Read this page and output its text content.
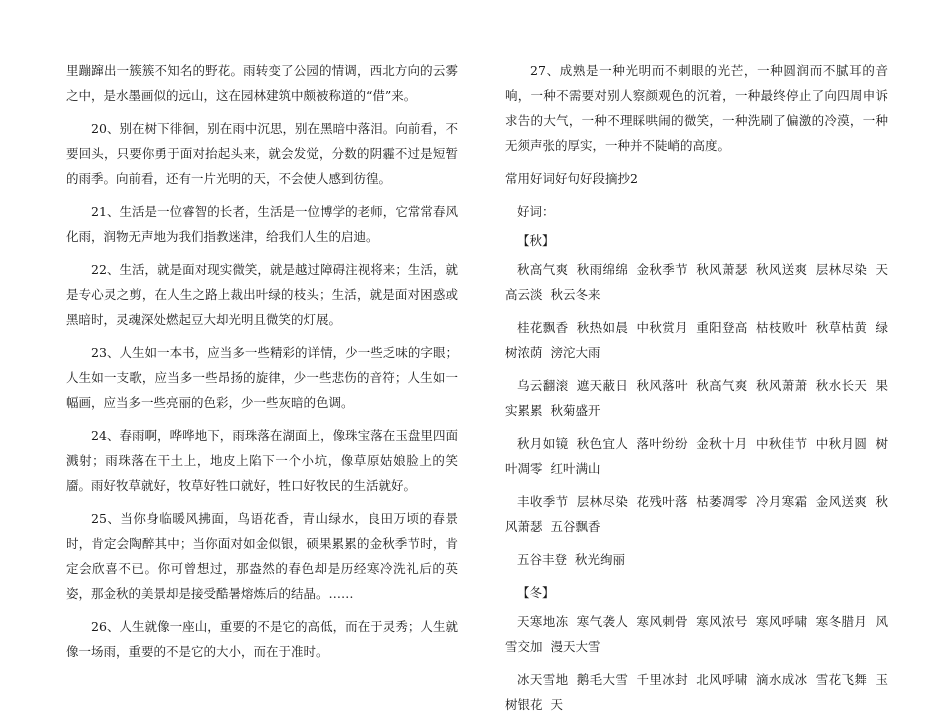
里蹦蹿出一簇簇不知名的野花。雨转变了公园的情调，西北方向的云雾之中，是水墨画似的远山，这在园林建筑中颇被称道的“借”来。

20、别在树下徘徊，别在雨中沉思，别在黑暗中落泪。向前看，不要回头，只要你勇于面对抬起头来，就会发觉，分数的阴霾不过是短暂的雨季。向前看，还有一片光明的天，不会使人感到彷徨。

21、生活是一位睿智的长者，生活是一位博学的老师，它常常春风化雨，润物无声地为我们指教迷津，给我们人生的启迪。

22、生活，就是面对现实微笑，就是越过障碍注视将来；生活，就是专心灵之剪，在人生之路上裁出叶绿的枝头；生活，就是面对困惑或黑暗时，灵魂深处燃起豆大却光明且微笑的灯展。

23、人生如一本书，应当多一些精彩的详情，少一些乏味的字眼；人生如一支歌，应当多一些昂扬的旋律，少一些悲伤的音符；人生如一幅画，应当多一些亮丽的色彩，少一些灰暗的色调。

24、春雨啊，哗哗地下，雨珠落在湖面上，像珠宝落在玉盘里四面溅射；雨珠落在干土上，地皮上陷下一个小坑，像草原姑娘脸上的笑靥。雨好牧草就好，牧草好牲口就好，牲口好牧民的生活就好。

25、当你身临暖风拂面，鸟语花香，青山绿水，良田万顷的春景时，肯定会陶醉其中；当你面对如金似银，硕果累累的金秋季节时，肯定会欣喜不已。你可曾想过，那盎然的春色却是历经寒冷洗礼后的英姿，那金秋的美景却是接受酷暑熔炼后的结晶。……

26、人生就像一座山，重要的不是它的高低，而在于灵秀；人生就像一场雨，重要的不是它的大小，而在于准时。

27、成熟是一种光明而不刺眼的光芒，一种圆润而不腻耳的音响，一种不需要对别人察颜观色的沉着，一种最终停止了向四周申诉求告的大气，一种不理睬哄闹的微笑，一种洗刷了偏激的冷漠，一种无须声张的厚实，一种并不陡峭的高度。

常用好词好句好段摘抄2

好词：

【秋】

秋高气爽 秋雨绵绵 金秋季节 秋风萧瑟 秋风送爽 层林尽染 天高云淡 秋云冬来

桂花飘香 秋热如晨 中秋赏月 重阳登高 枯枝败叶 秋草枯黄 绿树浓荫 滂沱大雨

乌云翻滚 遮天蔽日 秋风落叶 秋高气爽 秋风萧萧 秋水长天 果实累累 秋菊盛开

秋月如镜 秋色宜人 落叶纷纷 金秋十月 中秋佳节 中秋月圆 树叶凋零 红叶满山

丰收季节 层林尽染 花残叶落 枯萎凋零 冷月寒霜 金风送爽 秋风萧瑟 五谷飘香

五谷丰登 秋光绚丽

【冬】

天寒地冻 寒气袭人 寒风刺骨 寒风浓号 寒风呼啸 寒冬腊月 风雪交加 漫天大雪

冰天雪地 鹅毛大雪 千里冰封 北风呼啸 滴水成冰 雪花飞舞 玉树银花 天
